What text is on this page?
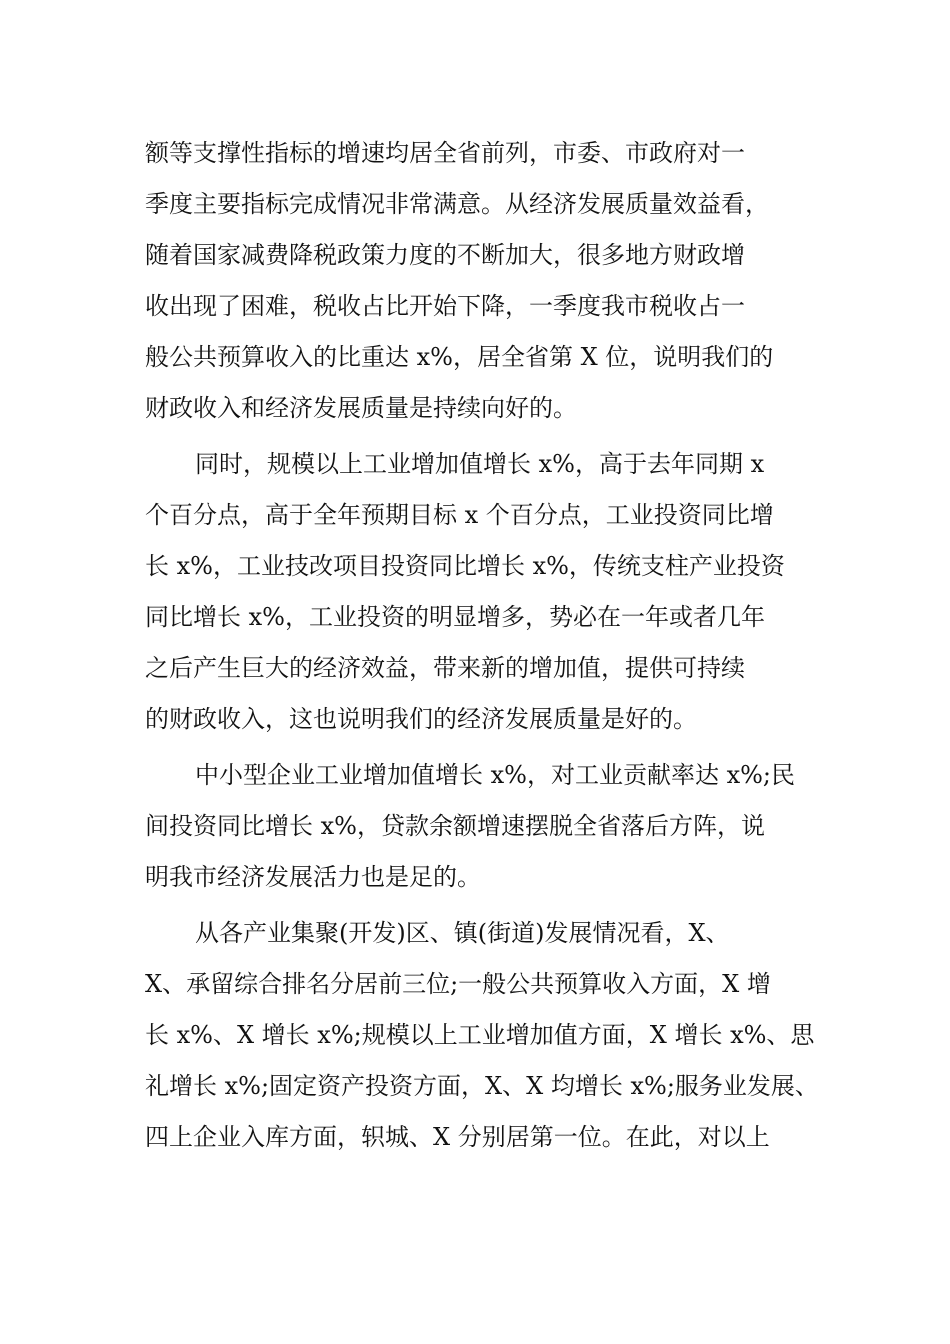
额等支撑性指标的增速均居全省前列，市委、市政府对一
季度主要指标完成情况非常满意。从经济发展质量效益看，
随着国家减费降税政策力度的不断加大，很多地方财政增
收出现了困难，税收占比开始下降，一季度我市税收占一
般公共预算收入的比重达 x%，居全省第 X 位，说明我们的
财政收入和经济发展质量是持续向好的。
同时，规模以上工业增加值增长 x%，高于去年同期 x
个百分点，高于全年预期目标 x 个百分点，工业投资同比增
长 x%，工业技改项目投资同比增长 x%，传统支柱产业投资
同比增长 x%，工业投资的明显增多，势必在一年或者几年
之后产生巨大的经济效益，带来新的增加值，提供可持续
的财政收入，这也说明我们的经济发展质量是好的。
中小型企业工业增加值增长 x%，对工业贡献率达 x%;民
间投资同比增长 x%，贷款余额增速摆脱全省落后方阵，说
明我市经济发展活力也是足的。
从各产业集聚(开发)区、镇(街道)发展情况看，X、
X、承留综合排名分居前三位;一般公共预算收入方面，X 增
长 x%、X 增长 x%;规模以上工业增加值方面，X 增长 x%、思
礼增长 x%;固定资产投资方面，X、X 均增长 x%;服务业发展、
四上企业入库方面，轵城、X 分别居第一位。在此，对以上
